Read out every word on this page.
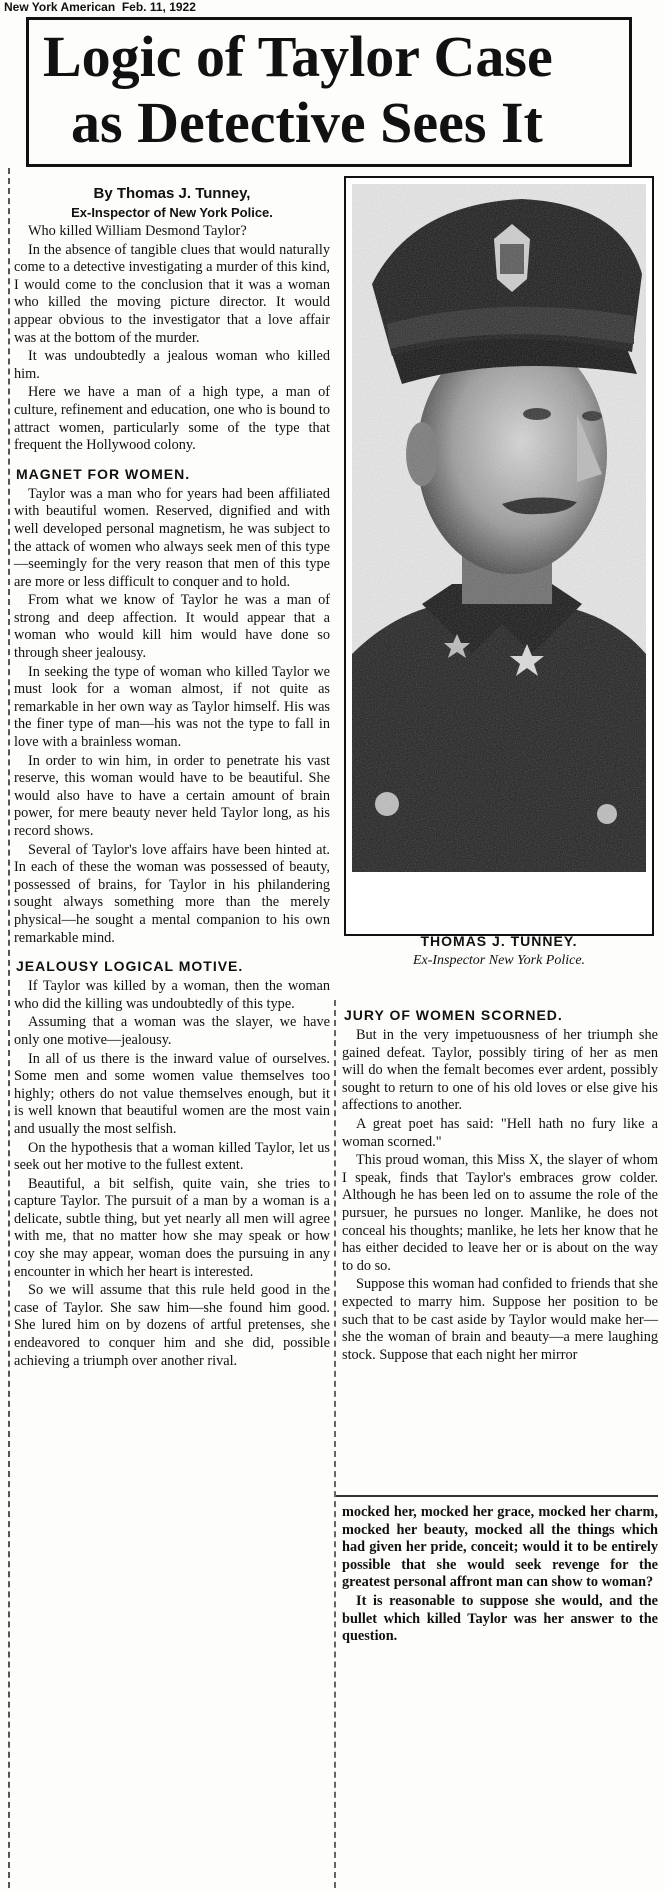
New York American Feb. 11, 1922
Logic of Taylor Case
as Detective Sees It
By Thomas J. Tunney,
Ex-Inspector of New York Police.

Who killed William Desmond Taylor?

In the absence of tangible clues that would naturally come to a detective investigating a murder of this kind, I would come to the conclusion that it was a woman who killed the moving picture director. It would appear obvious to the investigator that a love affair was at the bottom of the murder.

It was undoubtedly a jealous woman who killed him.

Here we have a man of a high type, a man of culture, refinement and education, one who is bound to attract women, particularly some of the type that frequent the Hollywood colony.

MAGNET FOR WOMEN.

Taylor was a man who for years had been affiliated with beautiful women. Reserved, dignified and with well developed personal magnetism, he was subject to the attack of women who always seek men of this type—seemingly for the very reason that men of this type are more or less difficult to conquer and to hold.

From what we know of Taylor he was a man of strong and deep affection. It would appear that a woman who would kill him would have done so through sheer jealousy.

In seeking the type of woman who killed Taylor we must look for a woman almost, if not quite as remarkable in her own way as Taylor himself. His was the finer type of man—his was not the type to fall in love with a brainless woman.

In order to win him, in order to penetrate his vast reserve, this woman would have to be beautiful. She would also have to have a certain amount of brain power, for mere beauty never held Taylor long, as his record shows.

Several of Taylor's love affairs have been hinted at. In each of these the woman was possessed of beauty, possessed of brains, for Taylor in his philandering sought always something more than the merely physical—he sought a mental companion to his own remarkable mind.

JEALOUSY LOGICAL MOTIVE.

If Taylor was killed by a woman, then the woman who did the killing was undoubtedly of this type.

Assuming that a woman was the slayer, we have only one motive—jealousy.

In all of us there is the inward value of ourselves. Some men and some women value themselves too highly; others do not value themselves enough, but it is well known that beautiful women are the most vain and usually the most selfish.

On the hypothesis that a woman killed Taylor, let us seek out her motive to the fullest extent.

Beautiful, a bit selfish, quite vain, she tries to capture Taylor. The pursuit of a man by a woman is a delicate, subtle thing, but yet nearly all men will agree with me, that no matter how she may speak or how coy she may appear, woman does the pursuing in any encounter in which her heart is interested.

So we will assume that this rule held good in the case of Taylor. She saw him—she found him good. She lured him on by dozens of artful pretenses, she endeavored to conquer him and she did, possible achieving a triumph over another rival.

THOMAS J. TUNNEY.
Ex-Inspector New York Police.
JURY OF WOMEN SCORNED.

But in the very impetuousness of her triumph she gained defeat. Taylor, possibly tiring of her as men will do when the femalt becomes ever ardent, possibly sought to return to one of his old loves or else give his affections to another.

A great poet has said: "Hell hath no fury like a woman scorned."

This proud woman, this Miss X, the slayer of whom I speak, finds that Taylor's embraces grow colder. Although he has been led on to assume the role of the pursuer, he pursues no longer. Manlike, he does not conceal his thoughts; manlike, he lets her know that he has either decided to leave her or is about on the way to do so.

Suppose this woman had confided to friends that she expected to marry him. Suppose her position to be such that to be cast aside by Taylor would make her—she the woman of brain and beauty—a mere laughing stock. Suppose that each night her mirror

mocked her, mocked her grace, mocked her charm, mocked her beauty, mocked all the things which had given her pride, conceit; would it to be entirely possible that she would seek revenge for the greatest personal affront man can show to woman?

It is reasonable to suppose she would, and the bullet which killed Taylor was her answer to the question.
